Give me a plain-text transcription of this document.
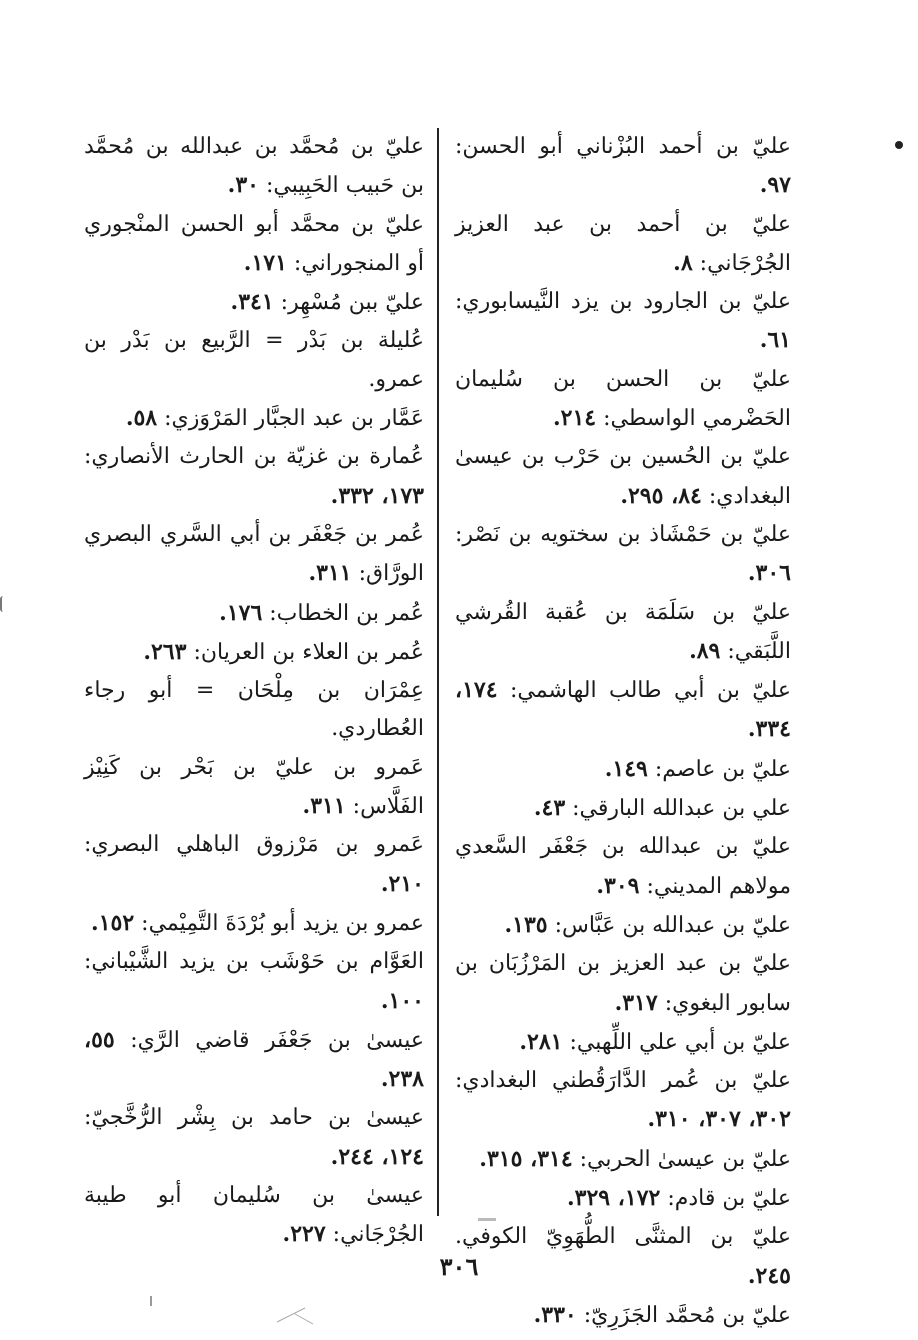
عليّ بن أحمد البُزْناني أبو الحسن: ٩٧.

عليّ بن أحمد بن عبد العزيز الجُرْجَاني: ٨.

عليّ بن الجارود بن يزد النَّيسابوري: ٦١.

عليّ بن الحسن بن سُليمان الحَضْرمي الواسطي: ٢١٤.

عليّ بن الحُسين بن حَرْب بن عيسىٰ البغدادي: ٨٤، ٢٩٥.

عليّ بن حَمْشَاذ بن سختويه بن نَصْر: ٣٠٦.

عليّ بن سَلَمَة بن عُقبة القُرشي اللَّبَقي: ٨٩.

عليّ بن أبي طالب الهاشمي: ١٧٤، ٣٣٤.

عليّ بن عاصم: ١٤٩.

علي بن عبدالله البارقي: ٤٣.

عليّ بن عبدالله بن جَعْفَر السَّعدي مولاهم المديني: ٣٠٩.

عليّ بن عبدالله بن عَبَّاس: ١٣٥.

عليّ بن عبد العزيز بن المَرْزُبَان بن سابور البغوي: ٣١٧.

عليّ بن أبي علي اللِّهبي: ٢٨١.

عليّ بن عُمر الدَّارَقُطني البغدادي: ٣٠٢، ٣٠٧، ٣١٠.

عليّ بن عيسىٰ الحربي: ٣١٤، ٣١٥.

عليّ بن قادم: ١٧٢، ٣٢٩.

عليّ بن المثنَّى الطُّهَوِيّ الكوفي. ٢٤٥.

عليّ بن مُحمَّد الجَزَرِيّ: ٣٣٠.

عليّ بن مُحمَّد بن عبدالله بن مُحمَّد بن حَبيب الحَبِيبي: ٣٠.

عليّ بن محمَّد أبو الحسن المنْجوري أو المنجوراني: ١٧١.

عليّ ببن مُسْهِر: ٣٤١.

عُليلة بن بَدْر = الرَّبيع بن بَدْر بن عمرو.

عَمَّار بن عبد الجبَّار المَرْوَزي: ٥٨.

عُمارة بن غزيّة بن الحارث الأنصاري: ١٧٣، ٣٣٢.

عُمر بن جَعْفَر بن أبي السَّري البصري الورَّاق: ٣١١.

عُمر بن الخطاب: ١٧٦.

عُمر بن العلاء بن العريان: ٢٦٣.

عِمْرَان بن مِلْحَان = أبو رجاء العُطاردي.

عَمرو بن عليّ بن بَحْر بن كَنِيْز الفَلَّاس: ٣١١.

عَمرو بن مَرْزوق الباهلي البصري: ٢١٠.

عمرو بن يزيد أبو بُرْدَةَ التَّمِيْمي: ١٥٢.

العَوَّام بن حَوْشَب بن يزيد الشَّيْباني: ١٠٠.

عيسىٰ بن جَعْفَر قاضي الرَّي: ٥٥، ٢٣٨.

عيسىٰ بن حامد بن بِشْر الرُّخَّجيّ: ١٢٤، ٢٤٤.

عيسىٰ بن سُليمان أبو طيبة الجُرْجَاني: ٢٢٧.

٣٠٦
